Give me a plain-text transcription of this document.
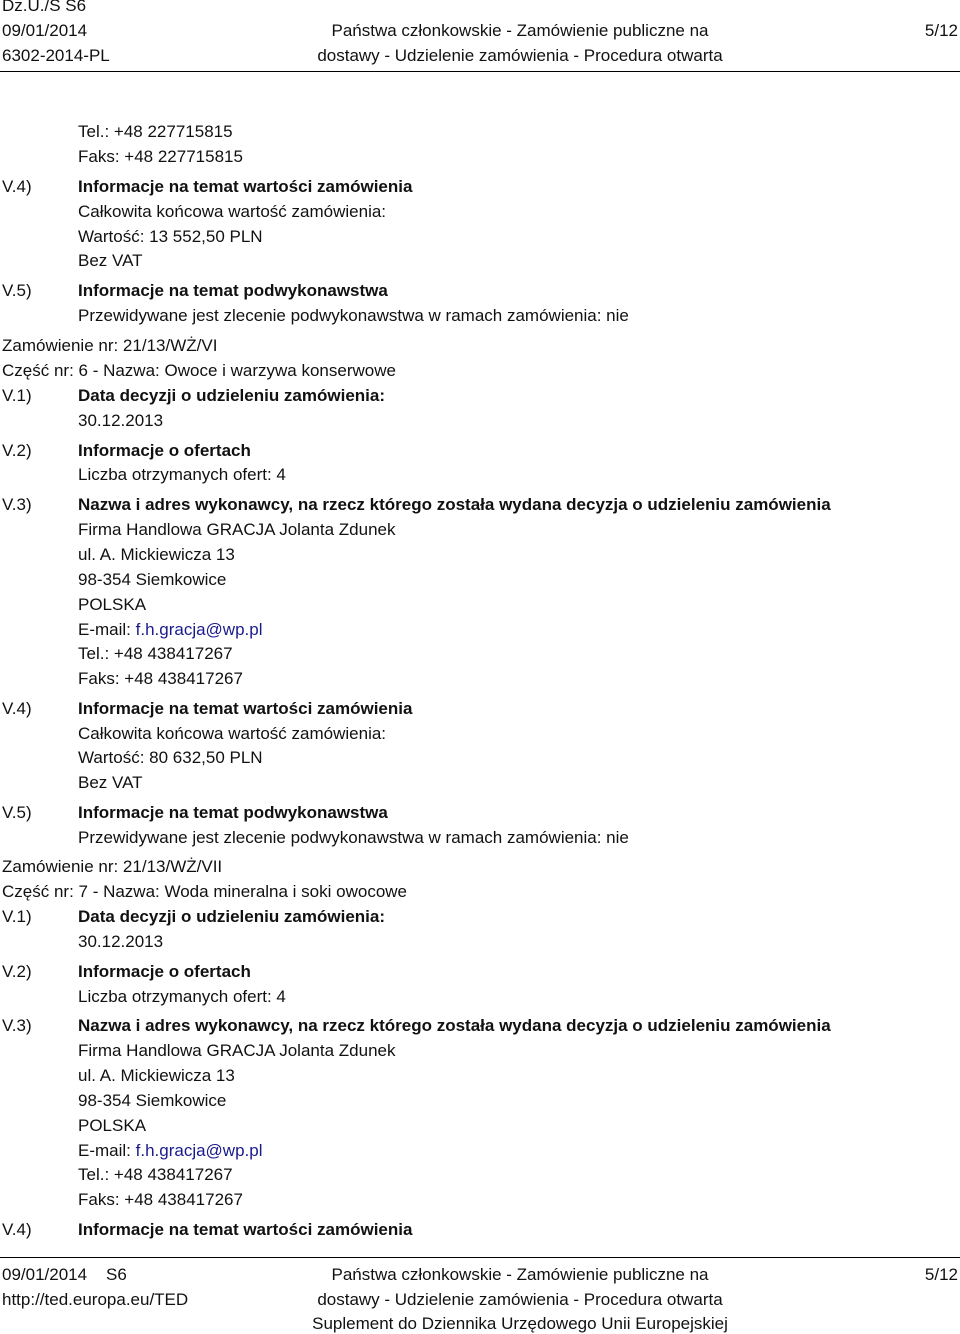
Dz.U./S S6
09/01/2014
6302-2014-PL
Państwa członkowskie - Zamówienie publiczne na
dostawy - Udzielenie zamówienia - Procedura otwarta
5/12
Tel.: +48 227715815
Faks: +48 227715815
V.4)	Informacje na temat wartości zamówienia
Całkowita końcowa wartość zamówienia:
Wartość: 13 552,50 PLN
Bez VAT
V.5)	Informacje na temat podwykonawstwa
Przewidywane jest zlecenie podwykonawstwa w ramach zamówienia: nie
Zamówienie nr: 21/13/WŻ/VI
Część nr: 6 - Nazwa: Owoce i warzywa konserwowe
V.1)	Data decyzji o udzieleniu zamówienia:
30.12.2013
V.2)	Informacje o ofertach
Liczba otrzymanych ofert: 4
V.3)	Nazwa i adres wykonawcy, na rzecz którego została wydana decyzja o udzieleniu zamówienia
Firma Handlowa GRACJA Jolanta Zdunek
ul. A. Mickiewicza 13
98-354 Siemkowice
POLSKA
E-mail: f.h.gracja@wp.pl
Tel.: +48 438417267
Faks: +48 438417267
V.4)	Informacje na temat wartości zamówienia
Całkowita końcowa wartość zamówienia:
Wartość: 80 632,50 PLN
Bez VAT
V.5)	Informacje na temat podwykonawstwa
Przewidywane jest zlecenie podwykonawstwa w ramach zamówienia: nie
Zamówienie nr: 21/13/WŻ/VII
Część nr: 7 - Nazwa: Woda mineralna i soki owocowe
V.1)	Data decyzji o udzieleniu zamówienia:
30.12.2013
V.2)	Informacje o ofertach
Liczba otrzymanych ofert: 4
V.3)	Nazwa i adres wykonawcy, na rzecz którego została wydana decyzja o udzieleniu zamówienia
Firma Handlowa GRACJA Jolanta Zdunek
ul. A. Mickiewicza 13
98-354 Siemkowice
POLSKA
E-mail: f.h.gracja@wp.pl
Tel.: +48 438417267
Faks: +48 438417267
V.4)	Informacje na temat wartości zamówienia
09/01/2014    S6
http://ted.europa.eu/TED
Państwa członkowskie - Zamówienie publiczne na
dostawy - Udzielenie zamówienia - Procedura otwarta
Suplement do Dziennika Urzędowego Unii Europejskiej
5/12
